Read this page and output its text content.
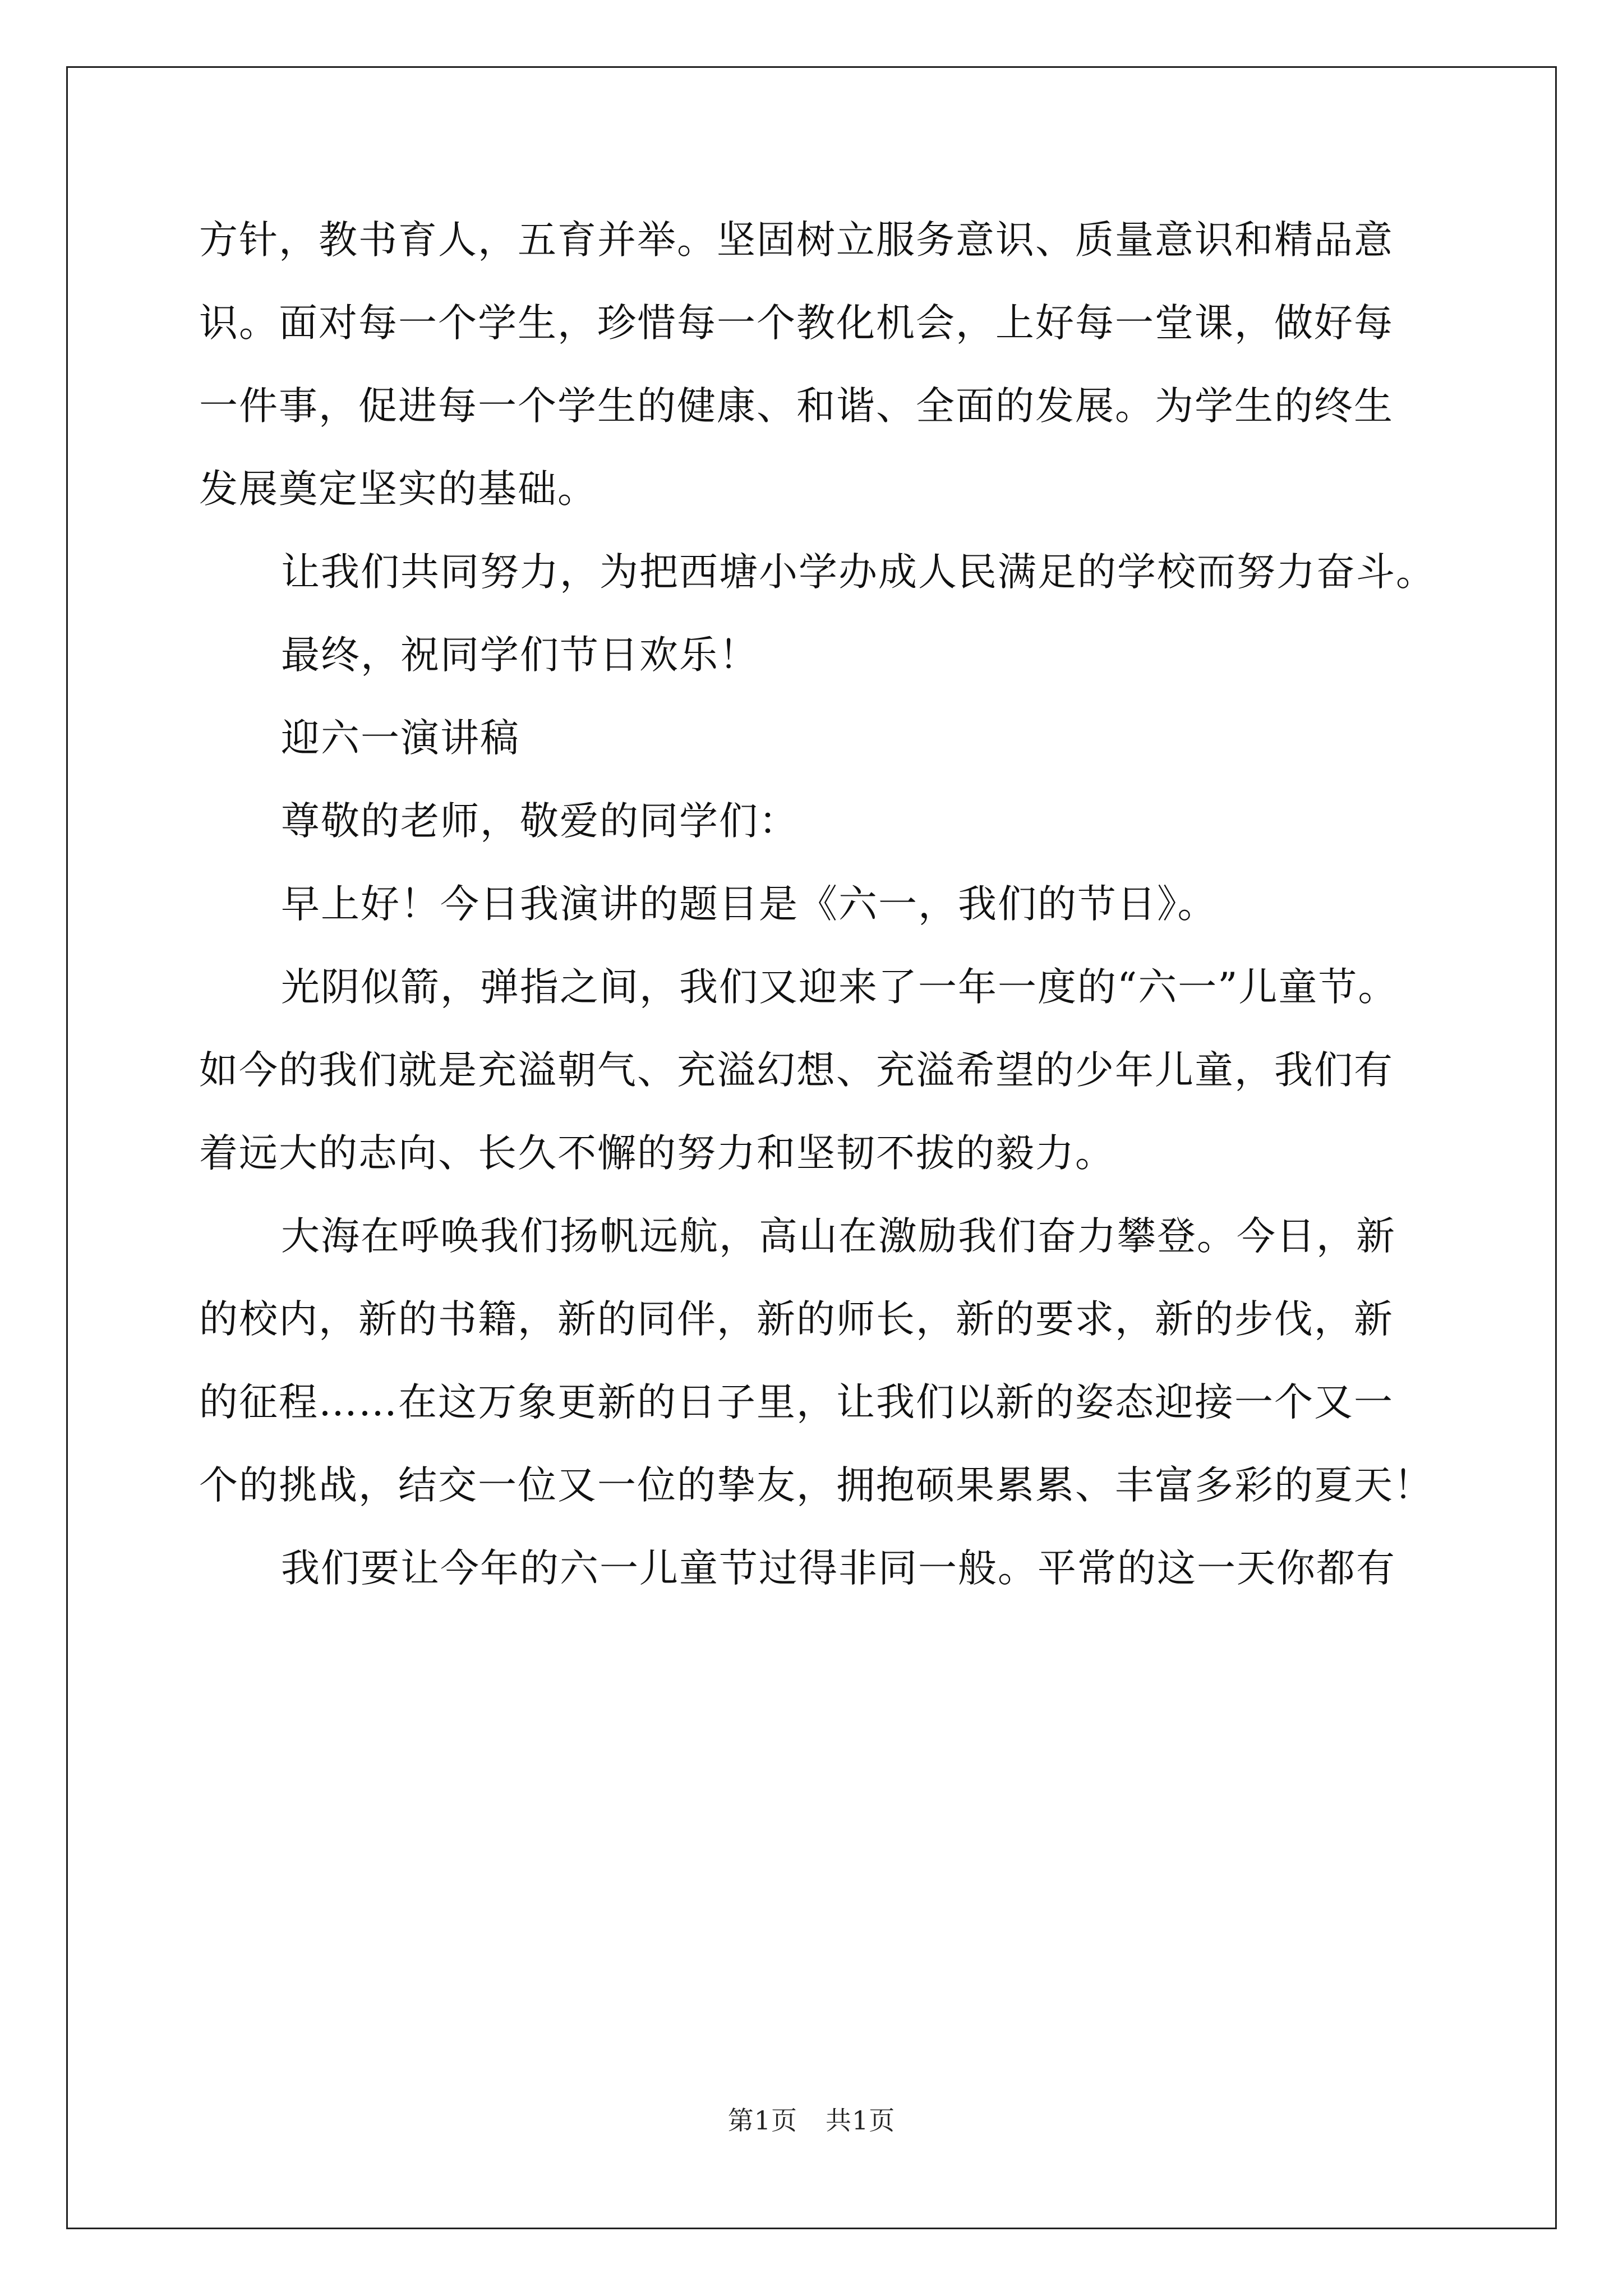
方针，教书育人，五育并举。坚固树立服务意识、质量意识和精品意
识。面对每一个学生，珍惜每一个教化机会，上好每一堂课，做好每
一件事，促进每一个学生的健康、和谐、全面的发展。为学生的终生
发展奠定坚实的基础。
让我们共同努力，为把西塘小学办成人民满足的学校而努力奋斗。
最终，祝同学们节日欢乐！
迎六一演讲稿
尊敬的老师，敬爱的同学们：
早上好！今日我演讲的题目是《六一，我们的节日》。
光阴似箭，弹指之间，我们又迎来了一年一度的“六一”儿童节。
如今的我们就是充溢朝气、充溢幻想、充溢希望的少年儿童，我们有
着远大的志向、长久不懈的努力和坚韧不拔的毅力。
大海在呼唤我们扬帆远航，高山在激励我们奋力攀登。今日，新
的校内，新的书籍，新的同伴，新的师长，新的要求，新的步伐，新
的征程……在这万象更新的日子里，让我们以新的姿态迎接一个又一
个的挑战，结交一位又一位的挚友，拥抱硕果累累、丰富多彩的夏天！
我们要让今年的六一儿童节过得非同一般。平常的这一天你都有
第1页 共1页
